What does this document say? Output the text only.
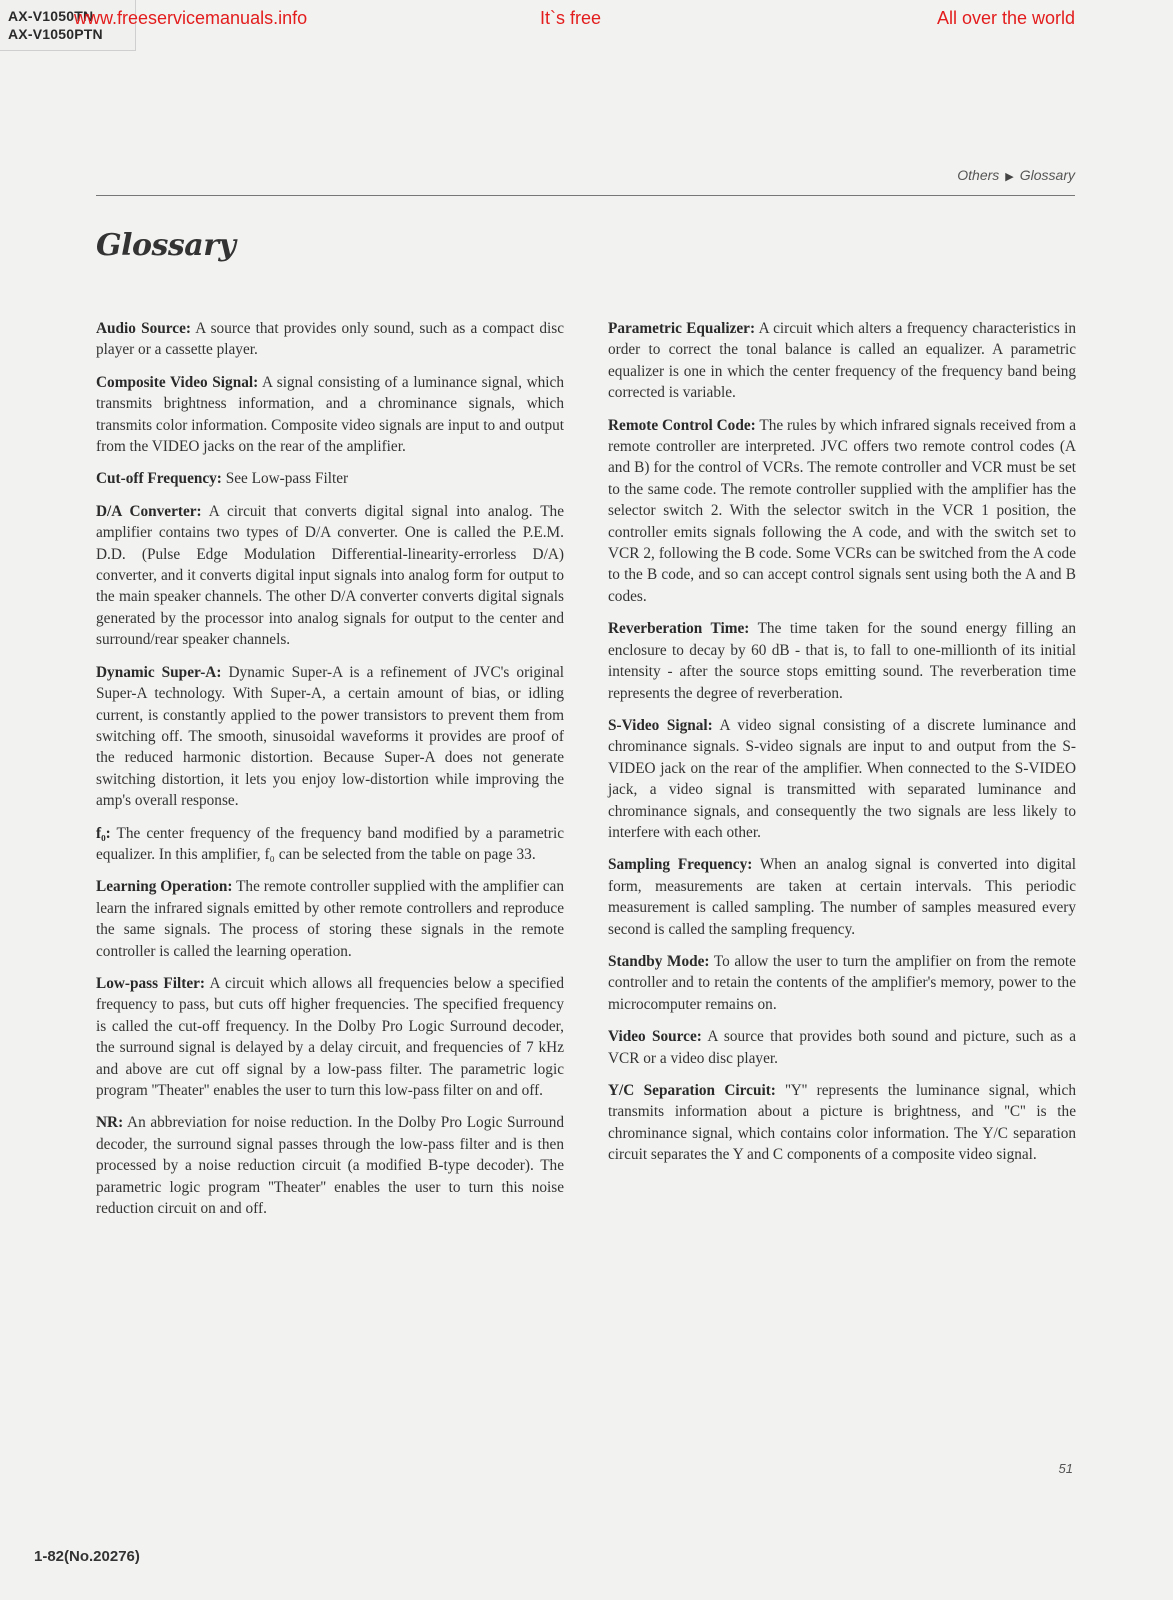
AX-V1050TN
AX-V1050PTN
www.freeservicemanuals.info	It`s free	All over the world
Others ▶ Glossary
Glossary

Audio Source: A source that provides only sound, such as a compact disc player or a cassette player.

Composite Video Signal: A signal consisting of a luminance signal, which transmits brightness information, and a chrominance signals, which transmits color information. Composite video signals are input to and output from the VIDEO jacks on the rear of the amplifier.

Cut-off Frequency: See Low-pass Filter

D/A Converter: A circuit that converts digital signal into analog. The amplifier contains two types of D/A converter. One is called the P.E.M. D.D. (Pulse Edge Modulation Differential-linearity-errorless D/A) converter, and it converts digital input signals into analog form for output to the main speaker channels. The other D/A converter converts digital signals generated by the processor into analog signals for output to the center and surround/rear speaker channels.

Dynamic Super-A: Dynamic Super-A is a refinement of JVC's original Super-A technology. With Super-A, a certain amount of bias, or idling current, is constantly applied to the power transistors to prevent them from switching off. The smooth, sinusoidal waveforms it provides are proof of the reduced harmonic distortion. Because Super-A does not generate switching distortion, it lets you enjoy low-distortion while improving the amp's overall response.

f₀: The center frequency of the frequency band modified by a parametric equalizer. In this amplifier, f₀ can be selected from the table on page 33.

Learning Operation: The remote controller supplied with the amplifier can learn the infrared signals emitted by other remote controllers and reproduce the same signals. The process of storing these signals in the remote controller is called the learning operation.

Low-pass Filter: A circuit which allows all frequencies below a specified frequency to pass, but cuts off higher frequencies. The specified frequency is called the cut-off frequency. In the Dolby Pro Logic Surround decoder, the surround signal is delayed by a delay circuit, and frequencies of 7 kHz and above are cut off signal by a low-pass filter. The parametric logic program ''Theater'' enables the user to turn this low-pass filter on and off.

NR: An abbreviation for noise reduction. In the Dolby Pro Logic Surround decoder, the surround signal passes through the low-pass filter and is then processed by a noise reduction circuit (a modified B-type decoder). The parametric logic program ''Theater'' enables the user to turn this noise reduction circuit on and off.

Parametric Equalizer: A circuit which alters a frequency characteristics in order to correct the tonal balance is called an equalizer. A parametric equalizer is one in which the center frequency of the frequency band being corrected is variable.

Remote Control Code: The rules by which infrared signals received from a remote controller are interpreted. JVC offers two remote control codes (A and B) for the control of VCRs. The remote controller and VCR must be set to the same code. The remote controller supplied with the amplifier has the selector switch 2. With the selector switch in the VCR 1 position, the controller emits signals following the A code, and with the switch set to VCR 2, following the B code. Some VCRs can be switched from the A code to the B code, and so can accept control signals sent using both the A and B codes.

Reverberation Time: The time taken for the sound energy filling an enclosure to decay by 60 dB - that is, to fall to one-millionth of its initial intensity - after the source stops emitting sound. The reverberation time represents the degree of reverberation.

S-Video Signal: A video signal consisting of a discrete luminance and chrominance signals. S-video signals are input to and output from the S-VIDEO jack on the rear of the amplifier. When connected to the S-VIDEO jack, a video signal is transmitted with separated luminance and chrominance signals, and consequently the two signals are less likely to interfere with each other.

Sampling Frequency: When an analog signal is converted into digital form, measurements are taken at certain intervals. This periodic measurement is called sampling. The number of samples measured every second is called the sampling frequency.

Standby Mode: To allow the user to turn the amplifier on from the remote controller and to retain the contents of the amplifier's memory, power to the microcomputer remains on.

Video Source: A source that provides both sound and picture, such as a VCR or a video disc player.

Y/C Separation Circuit: ''Y'' represents the luminance signal, which transmits information about a picture is brightness, and ''C'' is the chrominance signal, which contains color information. The Y/C separation circuit separates the Y and C components of a composite video signal.

51
1-82(No.20276)
